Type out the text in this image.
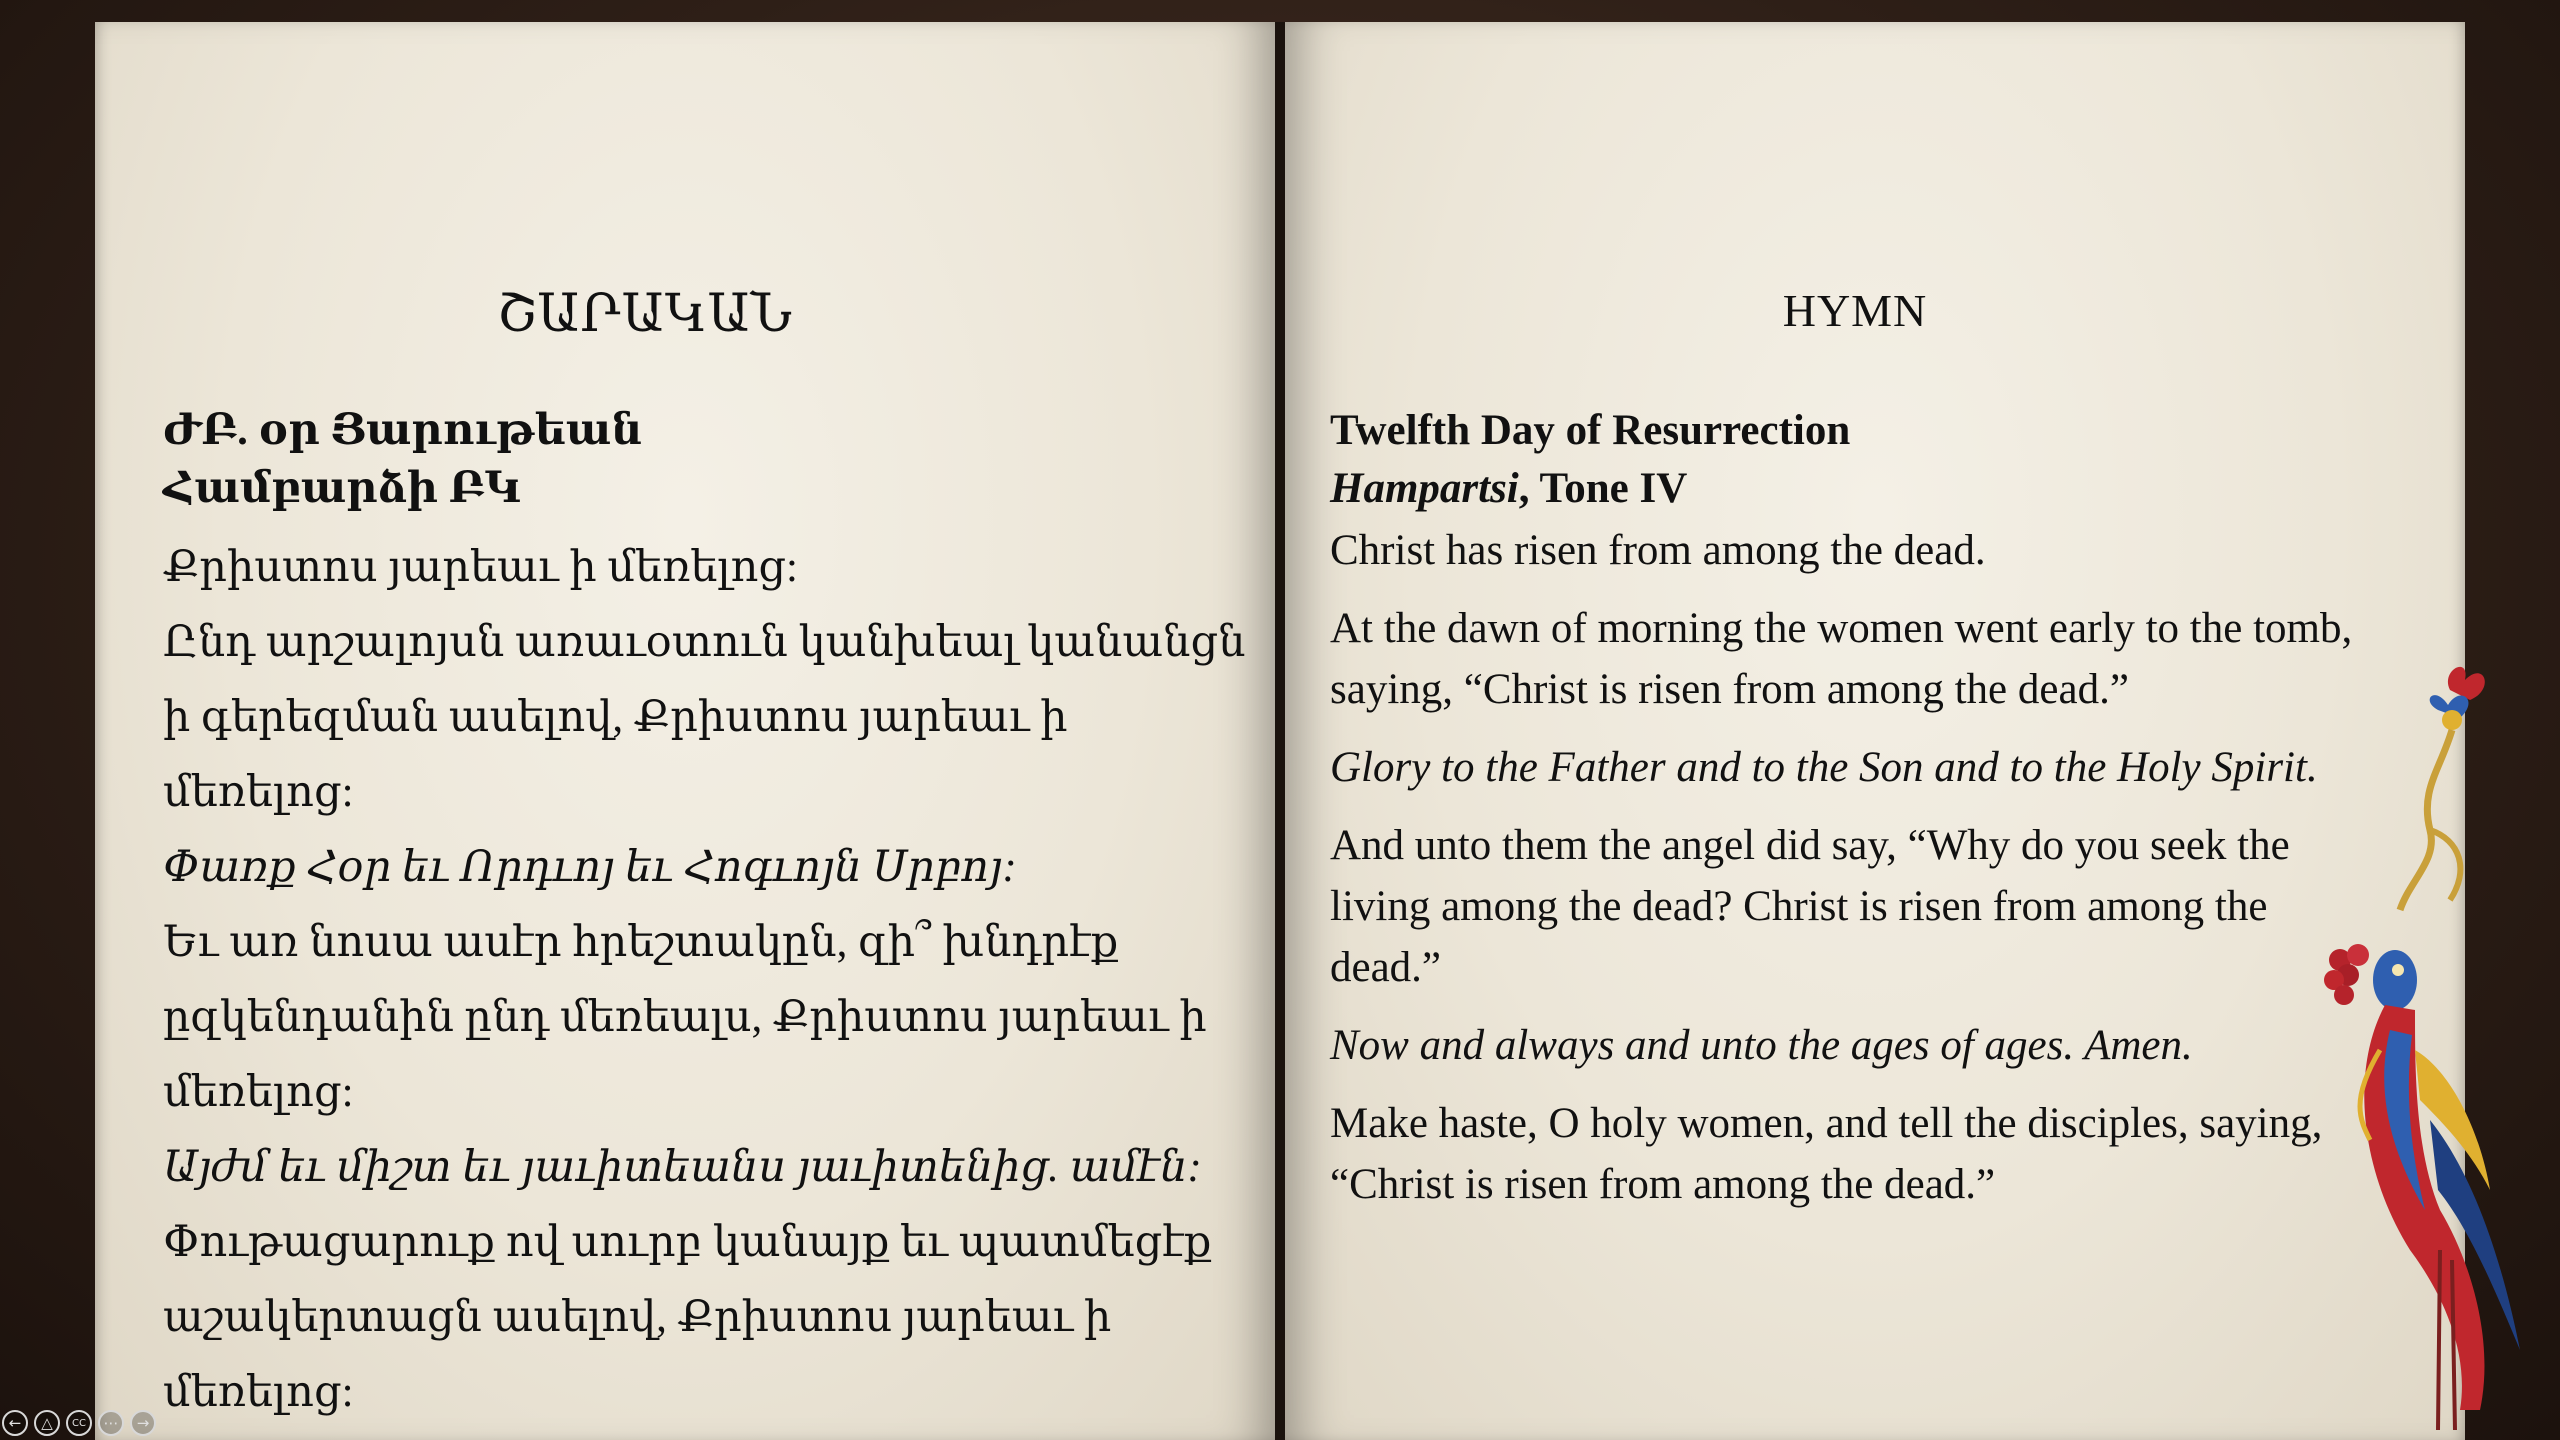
ՇԱՐԱԿԱՆ
ԺԲ. օր Յարութեան
Համբարձի ԲԿ

Քրիստոս յարեաւ ի մեռելոց:

Ընդ արշալոյսն առաւօտուն կանխեալ կանանցն ի գերեզման ասելով, Քրիստոս յարեաւ ի մեռելոց:

Փառք Հօր եւ Որդւոյ եւ Հոգւոյն Սրբոյ:

Եւ առ նոսա ասէր հրեշտակըն, զի՞ խնդրէք ըզկենդանին ընդ մեռեալս, Քրիստոս յարեաւ ի մեռելոց:

Այժմ եւ միշտ եւ յաւիտեանս յաւիտենից. ամէն:

Փութացարուք ով սուրբ կանայք եւ պատմեցէք աշակերտացն ասելով, Քրիստոս յարեաւ ի մեռելոց:

HYMN
Twelfth Day of Resurrection
Hampartsi, Tone IV

Christ has risen from among the dead.

At the dawn of morning the women went early to the tomb, saying, “Christ is risen from among the dead.”

Glory to the Father and to the Son and to the Holy Spirit.

And unto them the angel did say, “Why do you seek the living among the dead? Christ is risen from among the dead.”

Now and always and unto the ages of ages. Amen.

Make haste, O holy women, and tell the disciples, saying, “Christ is risen from among the dead.”

←	△	CC	⋯	→
